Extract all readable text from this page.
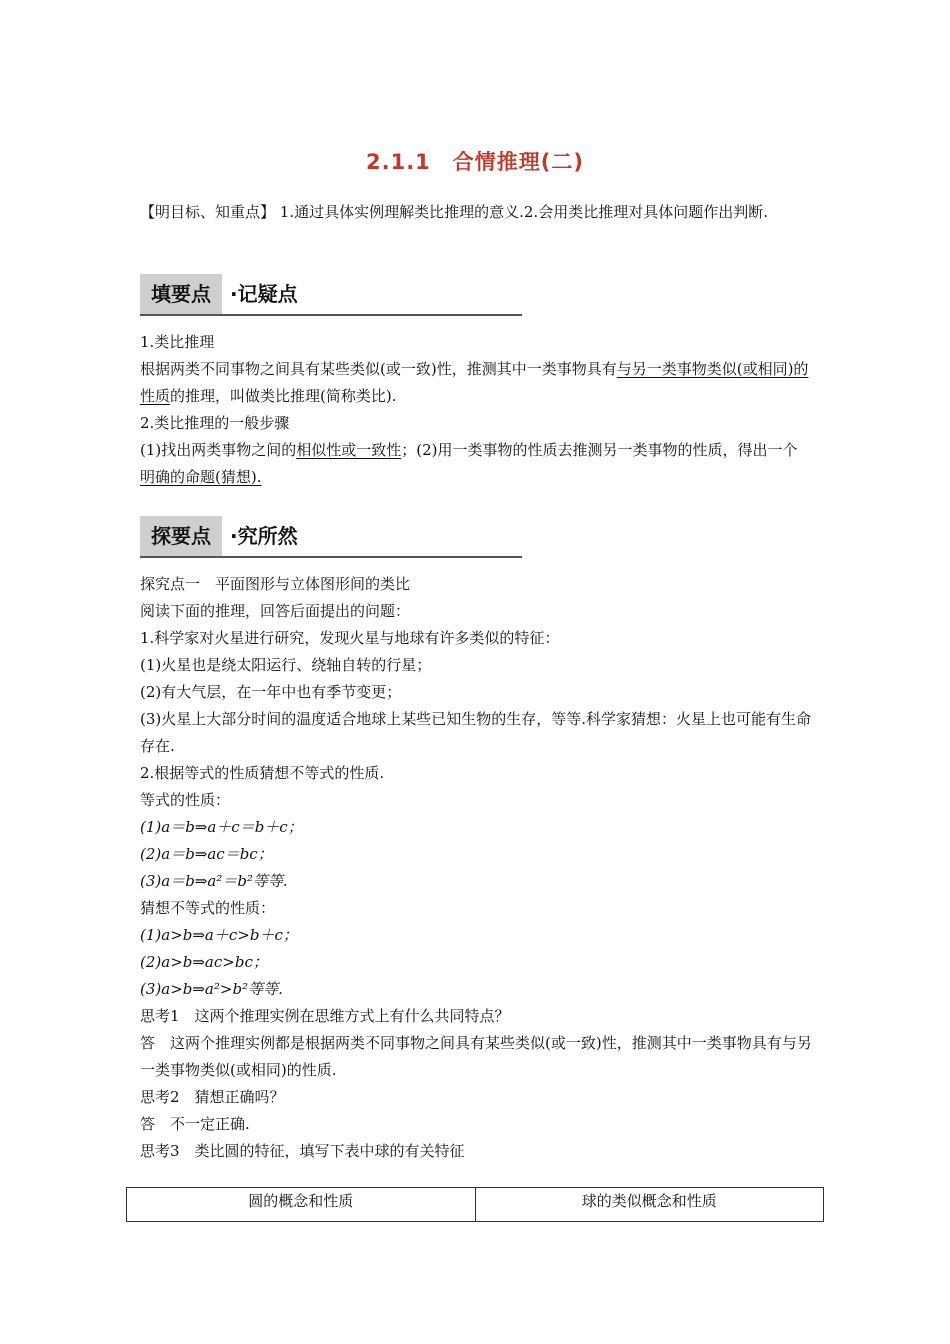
2.1.1　合情推理(二)
【明目标、知重点】 1.通过具体实例理解类比推理的意义.2.会用类比推理对具体问题作出判断.
填要点 ·记疑点

1.类比推理

根据两类不同事物之间具有某些类似(或一致)性，推测其中一类事物具有与另一类事物类似(或相同)的性质的推理，叫做类比推理(简称类比).

2.类比推理的一般步骤

(1)找出两类事物之间的相似性或一致性；(2)用一类事物的性质去推测另一类事物的性质，得出一个明确的命题(猜想).

探要点 ·究所然

探究点一　平面图形与立体图形间的类比

阅读下面的推理，回答后面提出的问题：

1.科学家对火星进行研究，发现火星与地球有许多类似的特征：

(1)火星也是绕太阳运行、绕轴自转的行星；

(2)有大气层，在一年中也有季节变更；

(3)火星上大部分时间的温度适合地球上某些已知生物的生存，等等.科学家猜想：火星上也可能有生命存在.

2.根据等式的性质猜想不等式的性质.

等式的性质：

(1)a＝b⇒a＋c＝b＋c；

(2)a＝b⇒ac＝bc；

(3)a＝b⇒a²＝b²等等.

猜想不等式的性质：

(1)a>b⇒a＋c>b＋c；

(2)a>b⇒ac>bc；

(3)a>b⇒a²>b²等等.

思考1　这两个推理实例在思维方式上有什么共同特点？

答　这两个推理实例都是根据两类不同事物之间具有某些类似(或一致)性，推测其中一类事物具有与另一类事物类似(或相同)的性质.

思考2　猜想正确吗？

答　不一定正确.

思考3　类比圆的特征，填写下表中球的有关特征

圆的概念和性质	球的类似概念和性质
